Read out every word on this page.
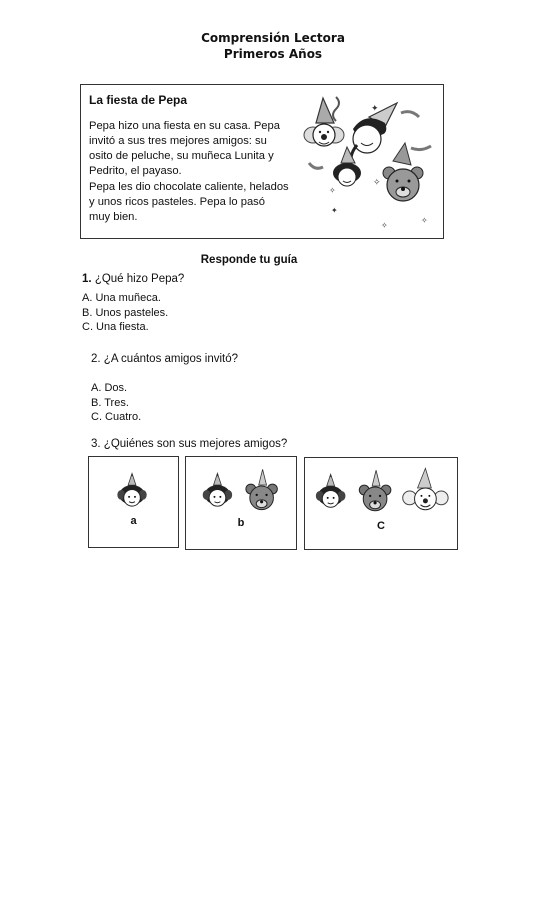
Comprensión Lectora
Primeros Años
La fiesta de Pepa

Pepa hizo una fiesta en su casa. Pepa invitó a sus tres mejores amigos: su osito de peluche, su muñeca Lunita y Pedrito, el payaso.

Pepa les dio chocolate caliente, helados y unos ricos pasteles. Pepa lo pasó muy bien.

✦
✧
✧
✦
✧
✧
Responde tu guía
1. ¿Qué hizo Pepa?
A. Una muñeca.
B. Unos pasteles.
C. Una fiesta.
2. ¿A cuántos amigos invitó?
A. Dos.
B. Tres.
C. Cuatro.
3. ¿Quiénes son sus mejores amigos?
a	b	C
